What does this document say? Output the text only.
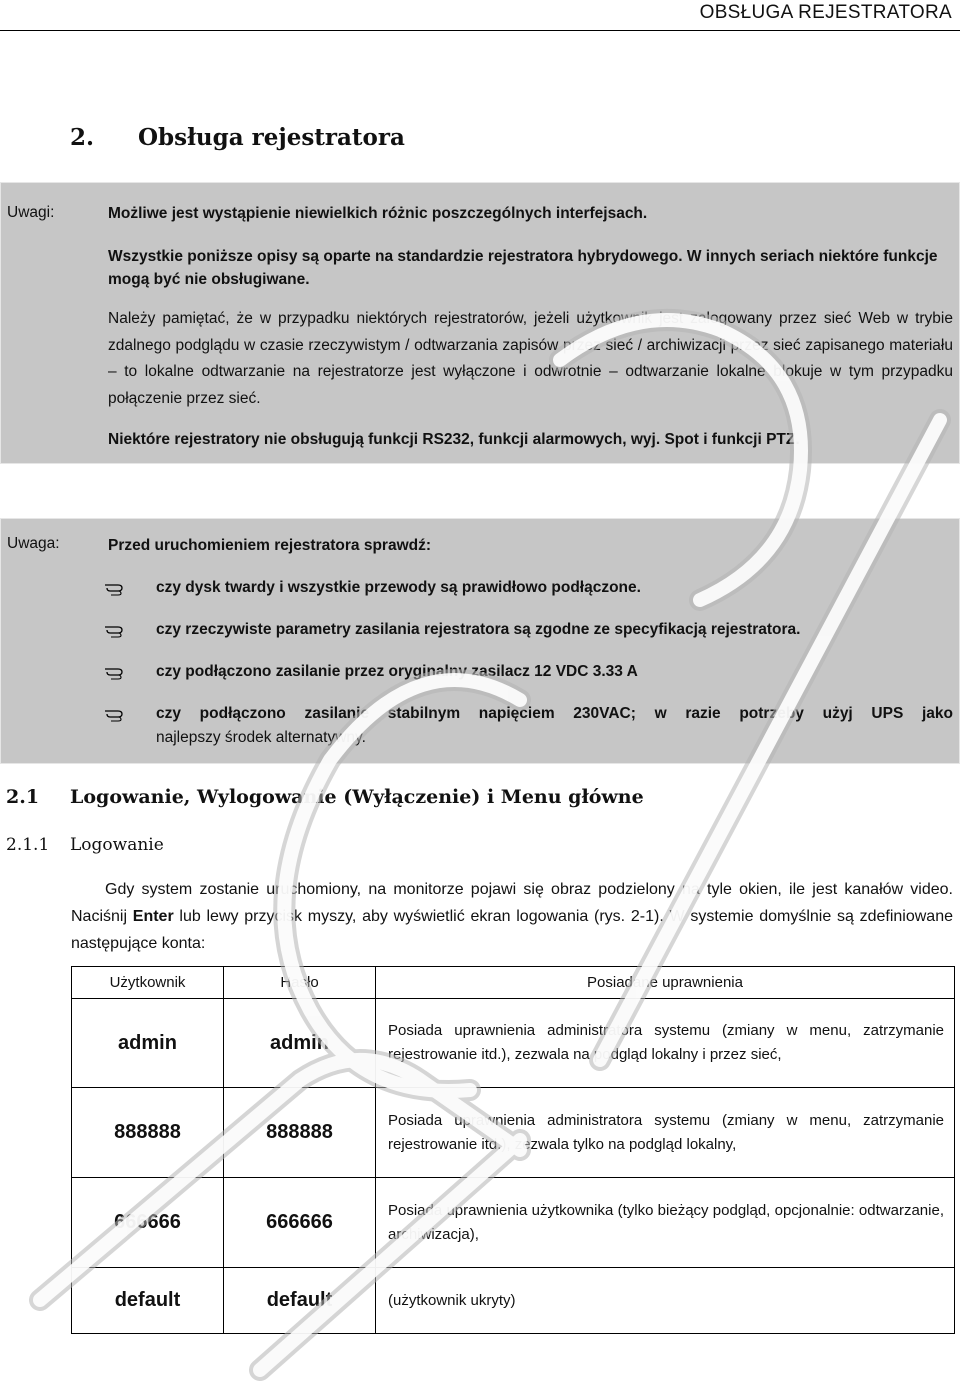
OBSŁUGA REJESTRATORA
2. Obsługa rejestratora
Uwagi:	Możliwe jest wystąpienie niewielkich różnic poszczególnych interfejsach.

Wszystkie poniższe opisy są oparte na standardzie rejestratora hybrydowego. W innych seriach niektóre funkcje mogą być nie obsługiwane.

Należy pamiętać, że w przypadku niektórych rejestratorów, jeżeli użytkownik jest zalogowany przez sieć Web w trybie zdalnego podglądu w czasie rzeczywistym / odtwarzania zapisów przez sieć / archiwizacji przez sieć zapisanego materiału – to lokalne odtwarzanie na rejestratorze jest wyłączone i odwrotnie – odtwarzanie lokalne blokuje w tym przypadku połączenie przez sieć.

Niektóre rejestratory nie obsługują funkcji RS232, funkcji alarmowych, wyj. Spot i funkcji PTZ.

Uwaga:	Przed uruchomieniem rejestratora sprawdź:
czy dysk twardy i wszystkie przewody są prawidłowo podłączone.
czy rzeczywiste parametry zasilania rejestratora są zgodne ze specyfikacją rejestratora.
czy podłączono zasilanie przez oryginalny zasilacz 12 VDC 3.33 A
czy podłączono zasilanie stabilnym napięciem 230VAC; w razie potrzeby użyj UPS jako
najlepszy środek alternatywny.
2.1 Logowanie, Wylogowanie (Wyłączenie) i Menu główne
2.1.1 Logowanie
Gdy system zostanie uruchomiony, na monitorze pojawi się obraz podzielony na tyle okien, ile jest kanałów video. Naciśnij Enter lub lewy przycisk myszy, aby wyświetlić ekran logowania (rys. 2-1). W systemie domyślnie są zdefiniowane następujące konta:
Użytkownik	Hasło	Posiadane uprawnienia
admin	admin	Posiada uprawnienia administratora systemu (zmiany w menu, zatrzymanie rejestrowanie itd.), zezwala na podgląd lokalny i przez sieć,
888888	888888	Posiada uprawnienia administratora systemu (zmiany w menu, zatrzymanie rejestrowanie itd.), zezwala tylko na podgląd lokalny,
666666	666666	Posiada uprawnienia użytkownika (tylko bieżący podgląd, opcjonalnie: odtwarzanie, archiwizacja),
default	default	(użytkownik ukryty)
